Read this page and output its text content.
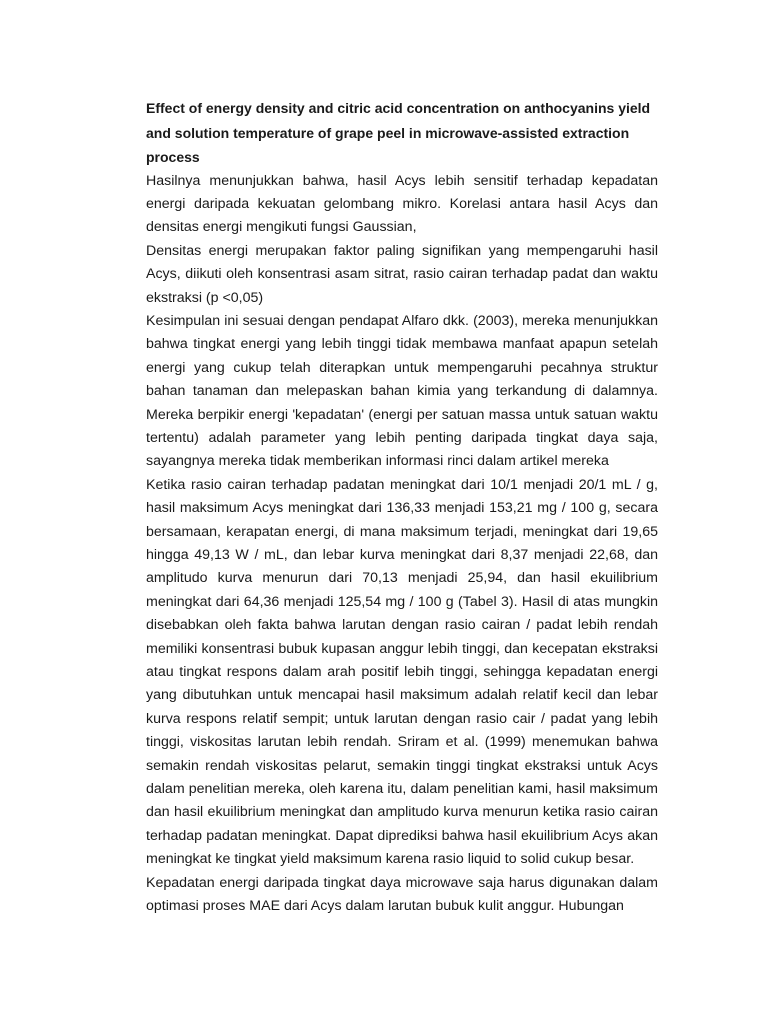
Effect of energy density and citric acid concentration on anthocyanins yield and solution temperature of grape peel in microwave-assisted extraction process

Hasilnya menunjukkan bahwa, hasil Acys lebih sensitif terhadap kepadatan energi daripada kekuatan gelombang mikro. Korelasi antara hasil Acys dan densitas energi mengikuti fungsi Gaussian,

Densitas energi merupakan faktor paling signifikan yang mempengaruhi hasil Acys, diikuti oleh konsentrasi asam sitrat, rasio cairan terhadap padat dan waktu ekstraksi (p <0,05)

Kesimpulan ini sesuai dengan pendapat Alfaro dkk. (2003), mereka menunjukkan bahwa tingkat energi yang lebih tinggi tidak membawa manfaat apapun setelah energi yang cukup telah diterapkan untuk mempengaruhi pecahnya struktur bahan tanaman dan melepaskan bahan kimia yang terkandung di dalamnya. Mereka berpikir energi 'kepadatan' (energi per satuan massa untuk satuan waktu tertentu) adalah parameter yang lebih penting daripada tingkat daya saja, sayangnya mereka tidak memberikan informasi rinci dalam artikel mereka

Ketika rasio cairan terhadap padatan meningkat dari 10/1 menjadi 20/1 mL / g, hasil maksimum Acys meningkat dari 136,33 menjadi 153,21 mg / 100 g, secara bersamaan, kerapatan energi, di mana maksimum terjadi, meningkat dari 19,65 hingga 49,13 W / mL, dan lebar kurva meningkat dari 8,37 menjadi 22,68, dan amplitudo kurva menurun dari 70,13 menjadi 25,94, dan hasil ekuilibrium meningkat dari 64,36 menjadi 125,54 mg / 100 g (Tabel 3). Hasil di atas mungkin disebabkan oleh fakta bahwa larutan dengan rasio cairan / padat lebih rendah memiliki konsentrasi bubuk kupasan anggur lebih tinggi, dan kecepatan ekstraksi atau tingkat respons dalam arah positif lebih tinggi, sehingga kepadatan energi yang dibutuhkan untuk mencapai hasil maksimum adalah relatif kecil dan lebar kurva respons relatif sempit; untuk larutan dengan rasio cair / padat yang lebih tinggi, viskositas larutan lebih rendah. Sriram et al. (1999) menemukan bahwa semakin rendah viskositas pelarut, semakin tinggi tingkat ekstraksi untuk Acys dalam penelitian mereka, oleh karena itu, dalam penelitian kami, hasil maksimum dan hasil ekuilibrium meningkat dan amplitudo kurva menurun ketika rasio cairan terhadap padatan meningkat. Dapat diprediksi bahwa hasil ekuilibrium Acys akan meningkat ke tingkat yield maksimum karena rasio liquid to solid cukup besar.

Kepadatan energi daripada tingkat daya microwave saja harus digunakan dalam optimasi proses MAE dari Acys dalam larutan bubuk kulit anggur. Hubungan
